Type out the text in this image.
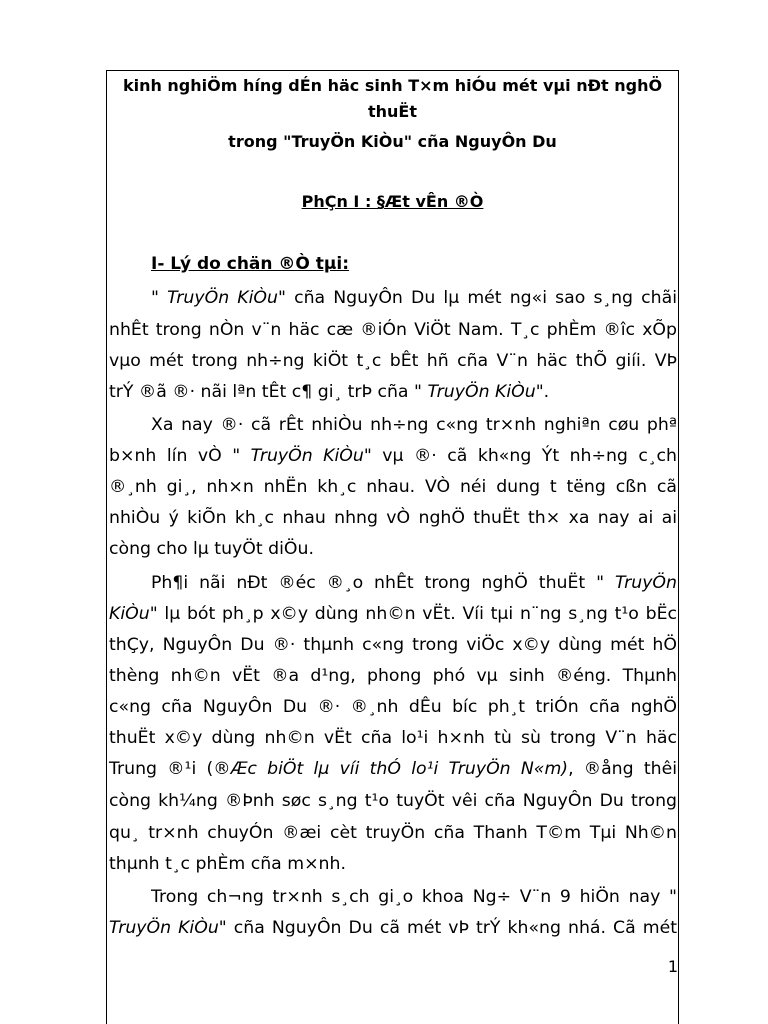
kinh nghiÖm híng dÉn häc sinh T×m hiÓu mét vµi nÐt nghÖ
thuËt
trong "TruyÖn KiÒu" cña NguyÔn Du
PhÇn I : §Æt vÊn ®Ò
I- Lý do chän ®Ò tµi:
" TruyÖn KiÒu" cña NguyÔn Du lµ mét ng«i sao s¸ng chãi
nhÊt trong nÒn v¨n häc cæ ®iÓn ViÖt Nam. T¸c phÈm ®îc xÕp
vµo mét trong nh÷ng kiÖt t¸c bÊt hñ cña V¨n häc thÕ giíi. VÞ
trÝ ®ã ®· nãi lªn tÊt c¶ gi¸ trÞ cña " TruyÖn KiÒu".
Xa nay ®· cã rÊt nhiÒu nh÷ng c«ng tr×nh nghiªn cøu phª
b×nh lín vÒ " TruyÖn KiÒu" vµ ®· cã kh«ng Ýt nh÷ng c¸ch
®¸nh gi¸, nh×n nhËn kh¸c nhau. VÒ néi dung t tëng cßn cã
nhiÒu ý kiÕn kh¸c nhau nhng vÒ nghÖ thuËt th× xa nay ai ai
còng cho lµ tuyÖt diÖu.
Ph¶i nãi nÐt ®éc ®¸o nhÊt trong nghÖ thuËt " TruyÖn
KiÒu" lµ bót ph¸p x©y dùng nh©n vËt. Víi tµi n¨ng s¸ng t¹o bËc
thÇy, NguyÔn Du ®· thµnh c«ng trong viÖc x©y dùng mét hÖ
thèng nh©n vËt ®a d¹ng, phong phó vµ sinh ®éng. Thµnh
c«ng cña NguyÔn Du ®· ®¸nh dÊu bíc ph¸t triÓn cña nghÖ
thuËt x©y dùng nh©n vËt cña lo¹i h×nh tù sù trong V¨n häc
Trung ®¹i (®Æc biÖt lµ víi thÓ lo¹i TruyÖn N«m), ®ång thêi
còng kh¼ng ®Þnh søc s¸ng t¹o tuyÖt vêi cña NguyÔn Du trong
qu¸ tr×nh chuyÓn ®æi cèt truyÖn cña Thanh T©m Tµi Nh©n
thµnh t¸c phÈm cña m×nh.
Trong ch¬ng tr×nh s¸ch gi¸o khoa Ng÷ V¨n 9 hiÖn nay "
TruyÖn KiÒu" cña NguyÔn Du cã mét vÞ trÝ kh«ng nhá. Cã mét
1
